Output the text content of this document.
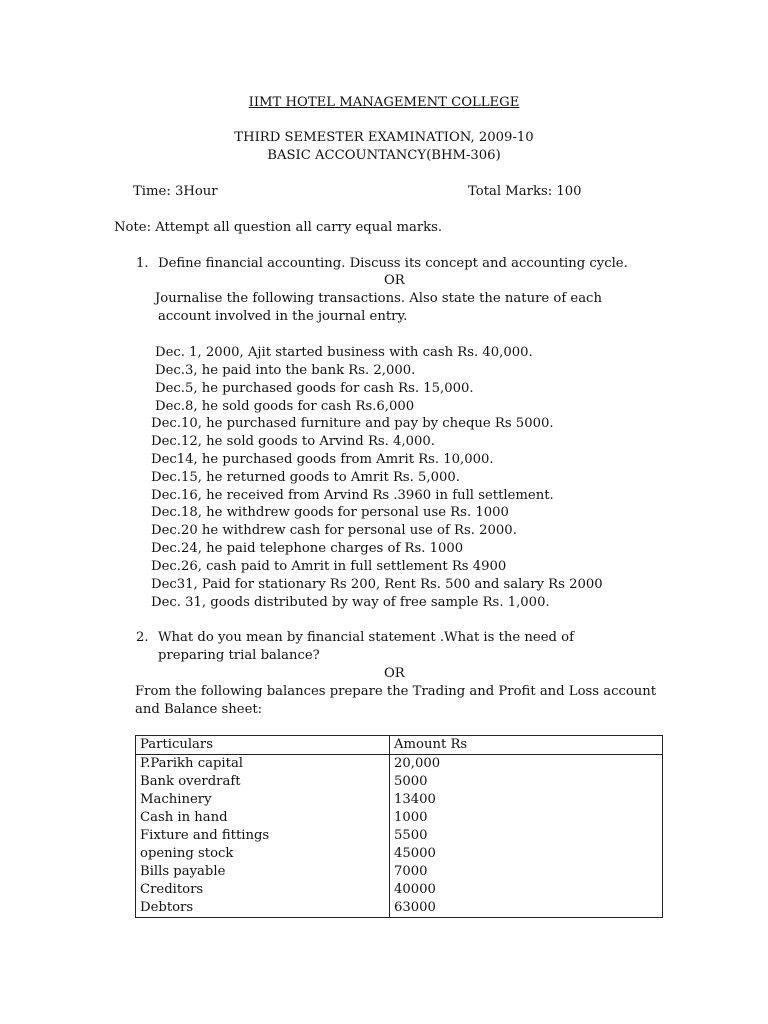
IIMT HOTEL MANAGEMENT COLLEGE
THIRD SEMESTER EXAMINATION, 2009-10
BASIC ACCOUNTANCY(BHM-306)
Time: 3Hour	Total Marks: 100
Note: Attempt all question all carry equal marks.
1. Define financial accounting. Discuss its concept and accounting cycle.
OR
Journalise the following transactions. Also state the nature of each
account involved in the journal entry.
Dec. 1, 2000, Ajit started business with cash Rs. 40,000.
Dec.3, he paid into the bank Rs. 2,000.
Dec.5, he purchased goods for cash Rs. 15,000.
Dec.8, he sold goods for cash Rs.6,000
Dec.10, he purchased furniture and pay by cheque Rs 5000.
Dec.12, he sold goods to Arvind Rs. 4,000.
Dec14, he purchased goods from Amrit Rs. 10,000.
Dec.15, he returned goods to Amrit Rs. 5,000.
Dec.16, he received from Arvind Rs .3960 in full settlement.
Dec.18, he withdrew goods for personal use Rs. 1000
Dec.20 he withdrew cash for personal use of Rs. 2000.
Dec.24, he paid telephone charges of Rs. 1000
Dec.26, cash paid to Amrit in full settlement Rs 4900
Dec31, Paid for stationary Rs 200, Rent Rs. 500 and salary Rs 2000
Dec. 31, goods distributed by way of free sample Rs. 1,000.
2. What do you mean by financial statement .What is the need of
preparing trial balance?
OR
From the following balances prepare the Trading and Profit and Loss account
and Balance sheet:
Particulars	Amount Rs
P.Parikh capital	20,000
Bank overdraft	5000
Machinery	13400
Cash in hand	1000
Fixture and fittings	5500
opening stock	45000
Bills payable	7000
Creditors	40000
Debtors	63000
